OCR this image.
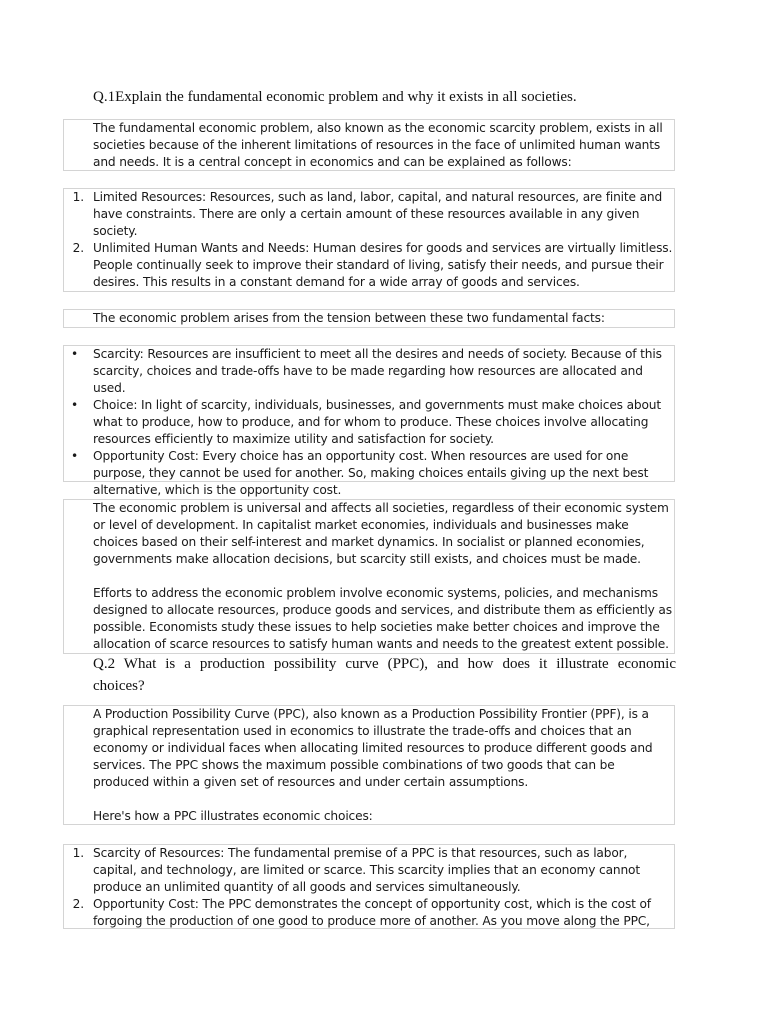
Q.1Explain the fundamental economic problem and why it exists in all societies.

The fundamental economic problem, also known as the economic scarcity problem, exists in all societies because of the inherent limitations of resources in the face of unlimited human wants and needs. It is a central concept in economics and can be explained as follows:

1. Limited Resources: Resources, such as land, labor, capital, and natural resources, are finite and have constraints. There are only a certain amount of these resources available in any given society.
2. Unlimited Human Wants and Needs: Human desires for goods and services are virtually limitless. People continually seek to improve their standard of living, satisfy their needs, and pursue their desires. This results in a constant demand for a wide array of goods and services.

The economic problem arises from the tension between these two fundamental facts:

• Scarcity: Resources are insufficient to meet all the desires and needs of society. Because of this scarcity, choices and trade-offs have to be made regarding how resources are allocated and used.
• Choice: In light of scarcity, individuals, businesses, and governments must make choices about what to produce, how to produce, and for whom to produce. These choices involve allocating resources efficiently to maximize utility and satisfaction for society.
• Opportunity Cost: Every choice has an opportunity cost. When resources are used for one purpose, they cannot be used for another. So, making choices entails giving up the next best alternative, which is the opportunity cost.

The economic problem is universal and affects all societies, regardless of their economic system or level of development. In capitalist market economies, individuals and businesses make choices based on their self-interest and market dynamics. In socialist or planned economies, governments make allocation decisions, but scarcity still exists, and choices must be made.

Efforts to address the economic problem involve economic systems, policies, and mechanisms designed to allocate resources, produce goods and services, and distribute them as efficiently as possible. Economists study these issues to help societies make better choices and improve the allocation of scarce resources to satisfy human wants and needs to the greatest extent possible.

Q.2 What is a production possibility curve (PPC), and how does it illustrate economic
choices?

A Production Possibility Curve (PPC), also known as a Production Possibility Frontier (PPF), is a graphical representation used in economics to illustrate the trade-offs and choices that an economy or individual faces when allocating limited resources to produce different goods and services. The PPC shows the maximum possible combinations of two goods that can be produced within a given set of resources and under certain assumptions.

Here's how a PPC illustrates economic choices:

1. Scarcity of Resources: The fundamental premise of a PPC is that resources, such as labor, capital, and technology, are limited or scarce. This scarcity implies that an economy cannot produce an unlimited quantity of all goods and services simultaneously.
2. Opportunity Cost: The PPC demonstrates the concept of opportunity cost, which is the cost of forgoing the production of one good to produce more of another. As you move along the PPC,
